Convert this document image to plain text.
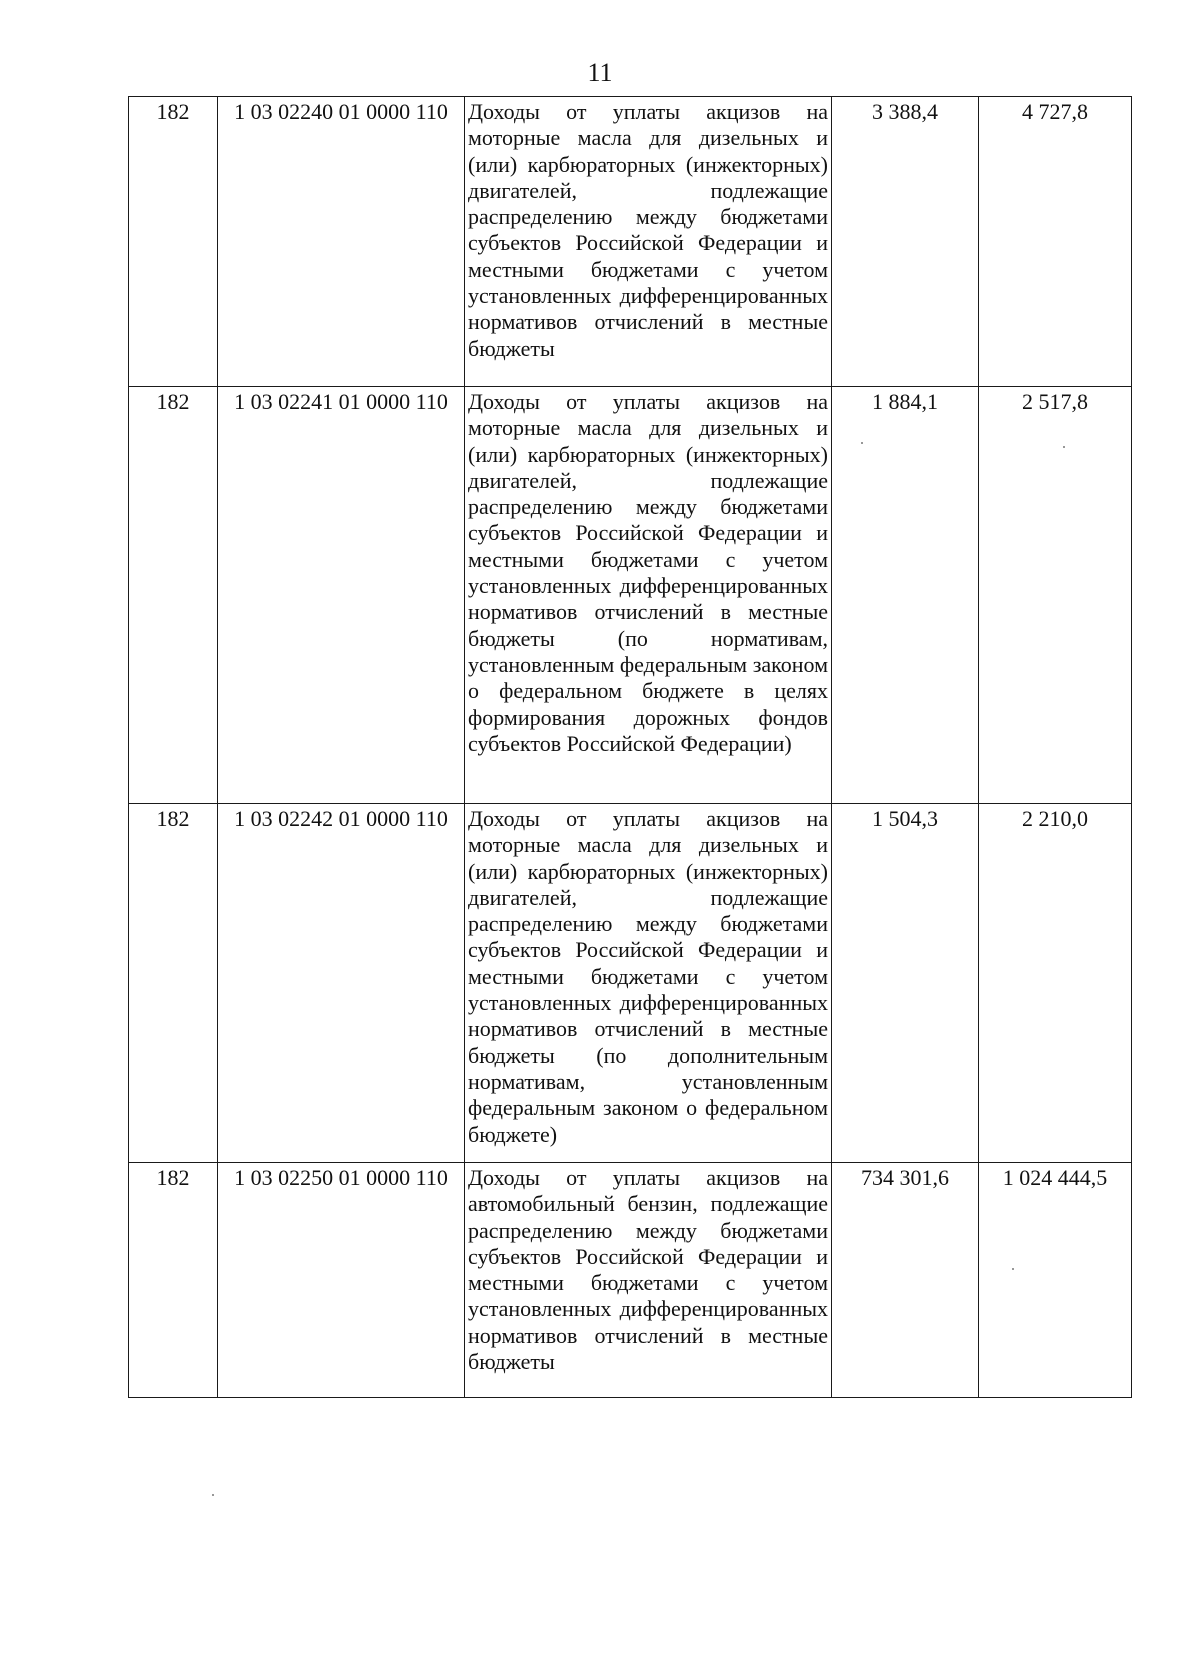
11
182	1 03 02240 01 0000 110	Доходы от уплаты акцизов на моторные масла для дизельных и (или) карбюраторных (инжекторных) двигателей, подлежащие распределению между бюджетами субъектов Российской Федерации и местными бюджетами с учетом установленных дифференцированных нормативов отчислений в местные бюджеты	3 388,4	4 727,8
182	1 03 02241 01 0000 110	Доходы от уплаты акцизов на моторные масла для дизельных и (или) карбюраторных (инжекторных) двигателей, подлежащие распределению между бюджетами субъектов Российской Федерации и местными бюджетами с учетом установленных дифференцированных нормативов отчислений в местные бюджеты (по нормативам, установленным федеральным законом о федеральном бюджете в целях формирования дорожных фондов субъектов Российской Федерации)	1 884,1	2 517,8
182	1 03 02242 01 0000 110	Доходы от уплаты акцизов на моторные масла для дизельных и (или) карбюраторных (инжекторных) двигателей, подлежащие распределению между бюджетами субъектов Российской Федерации и местными бюджетами с учетом установленных дифференцированных нормативов отчислений в местные бюджеты (по дополнительным нормативам, установленным федеральным законом о федеральном бюджете)	1 504,3	2 210,0
182	1 03 02250 01 0000 110	Доходы от уплаты акцизов на автомобильный бензин, подлежащие распределению между бюджетами субъектов Российской Федерации и местными бюджетами с учетом установленных дифференцированных нормативов отчислений в местные бюджеты	734 301,6	1 024 444,5
